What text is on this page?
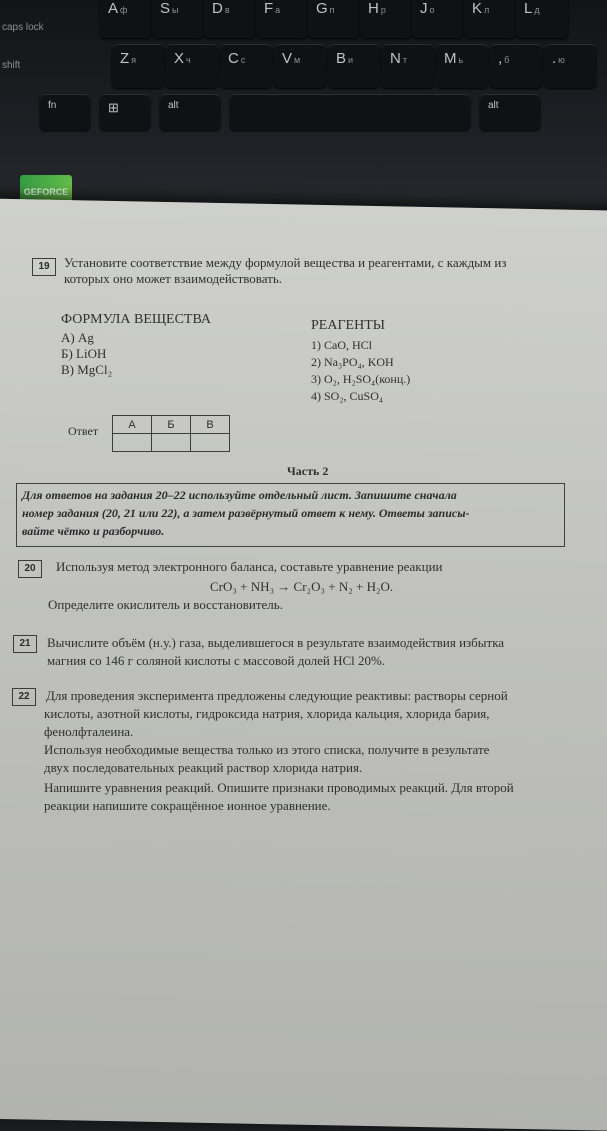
Aф Sы Dв Fа Gп Hр Jо Kл Lд
caps lock
Zя	Xч Cс Vм Bи Nт Mь , б	. ю
shift
fn	⊞	alt	alt
GEFORCE
19	Установите соответствие между формулой вещества и реагентами, с каждым из
которых оно может взаимодействовать.
ФОРМУЛА ВЕЩЕСТВА
А) Ag
Б) LiOH
В) MgCl₂
РЕАГЕНТЫ
1) CaO, HCl
2) Na₃PO₄, KOH
3) O₂, H₂SO₄(конц.)
4) SO₂, CuSO₄
Ответ	А	Б	В

Часть 2
Для ответов на задания 20–22 используйте отдельный лист. Запишите сначала
номер задания (20, 21 или 22), а затем развёрнутый ответ к нему. Ответы записы-
вайте чётко и разборчиво.
20	Используя метод электронного баланса, составьте уравнение реакции
CrO₃ + NH₃ → Cr₂O₃ + N₂ + H₂O.
Определите окислитель и восстановитель.
21	Вычислите объём (н.у.) газа, выделившегося в результате взаимодействия избытка
магния со 146 г соляной кислоты с массовой долей HCl 20%.
22	Для проведения эксперимента предложены следующие реактивы: растворы серной
кислоты, азотной кислоты, гидроксида натрия, хлорида кальция, хлорида бария,
фенолфталеина.
Используя необходимые вещества только из этого списка, получите в результате
двух последовательных реакций раствор хлорида натрия.
Напишите уравнения реакций. Опишите признаки проводимых реакций. Для второй
реакции напишите сокращённое ионное уравнение.
